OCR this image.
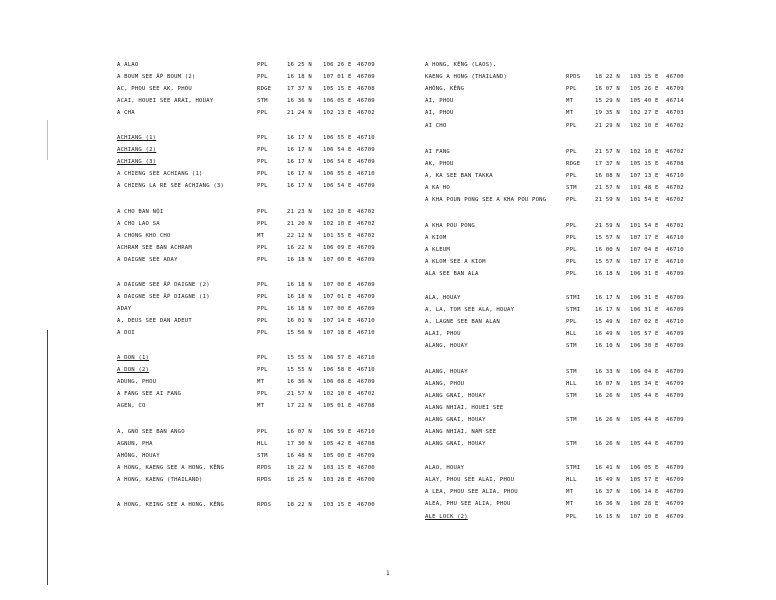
A ALAO	PPL	16 25 N 106 26 E 46709
A BOUM SEE ẤP BOUM (2)	PPL	16 18 N 107 01 E 46709
AC, PHOU SEE AK, PHOU	RDGE	17 37 N 105 15 E 46708
ACAI, HOUEI SEE ARAI, HOUAY	STM	16 36 N 106 05 E 46709
A CHA	PPL	21 24 N 102 13 E 46702
ACHIANG (1)	PPL	16 17 N 106 55 E 46710
ACHIANG (2)	PPL	16 17 N 106 54 E 46709
ACHIANG (3)	PPL	16 17 N 106 54 E 46709
A CHIENG SEE ACHIANG (1)	PPL	16 17 N 106 55 E 46710
A CHIENG LA RE SEE ACHIANG (3)	PPL	16 17 N 106 54 E 46709
A CHO BAN NỘI	PPL	21 23 N 102 10 E 46702
A CHO LAO SA	PPL	21 20 N 102 10 E 46702
A CHONG KHO CHO	MT	22 12 N 101 55 E 46702
ACHRAM SEE BAN ACHRAM	PPL	16 22 N 106 09 E 46709
A DAIGNE SEE ADAY	PPL	16 18 N 107 00 E 46709
A DAIGNE SEE ẤP DAIGNE (2)	PPL	16 18 N 107 00 E 46709
A DAIGNE SEE ẤP DIAGNE (1)	PPL	16 18 N 107 01 E 46709
ADAY	PPL	16 18 N 107 00 E 46709
A, DEUS SEE DAN ADEUT	PPL	16 01 N 107 14 E 46710
A DOI	PPL	15 56 N 107 18 E 46710
A DON (1)	PPL	15 55 N 106 57 E 46710
A DON (2)	PPL	15 55 N 106 58 E 46710
ADUNG, PHOU	MT	16 36 N 106 08 E 46709
A FANG SEE AI FANG	PPL	21 57 N 102 10 E 46702
AGEN, CO	MT	17 22 N 105 01 E 46708
A, GNO SEE BAN ANGO	PPL	16 07 N 106 59 E 46710
AGNUN, PHA	HLL	17 30 N 105 42 E 46708
AHÔNG, HOUAY	STM	16 48 N 105 00 E 46709
A HONG, KAENG SEE A HONG, KỀNG	RPDS	18 22 N 103 15 E 46700
A HONG, KAENG (THAILAND)	RPDS	18 25 N 103 28 E 46700
A HONG, KEING SEE A HONG, KỀNG	RPDS	18 22 N 103 15 E 46700
A HONG, KỀNG (LAOS),
KAENG A HONG (THAILAND)	RPDS	18 22 N 103 15 E 46700
AHÔNG, KỀNG	PPL	16 07 N 105 26 E 46709
AI, PHOU	MT	15 29 N 105 40 E 46714
AI, PHOU	MT	19 35 N 102 27 E 46703
AI CHO	PPL	21 29 N 102 10 E 46702
AI FANG	PPL	21 57 N 102 10 E 46702
AK, PHOU	RDGE	17 37 N 105 15 E 46708
A, KA SEE BAN TAKKA	PPL	16 08 N 107 13 E 46710
A KA HO	STM	21 57 N 101 48 E 46702
A KHA POUN PONG SEE A KHA POU PONG	PPL	21 59 N 101 54 E 46702
A KHA POU PONG	PPL	21 59 N 101 54 E 46702
A KIOM	PPL	15 57 N 107 17 E 46710
A KLEUM	PPL	16 00 N 107 04 E 46710
A KLOM SEE A KIOM	PPL	15 57 N 107 17 E 46710
ALA SEE BAN ALA	PPL	16 18 N 106 31 E 46709
ALA, HOUAY	STMI	16 17 N 106 31 E 46709
A, LA, TOM SEE ALA, HOUAY	STMI	16 17 N 106 31 E 46709
A, LAGNE SEE BAN ALAN	PPL	15 49 N 107 02 E 46710
ALAI, PHOU	HLL	16 49 N 105 57 E 46709
ALANG, HOUAY	STM	16 10 N 106 30 E 46709
ALANG, HOUAY	STM	16 33 N 106 04 E 46709
ALANG, PHOU	HLL	16 07 N 105 34 E 46709
ALANG GNAI, HOUAY	STM	16 26 N 105 44 E 46709
ALANG NHIAI, HOUEI SEE
ALANG GNAI, HOUAY	STM	16 26 N 105 44 E 46709
ALANG NHIAI, NAM SEE
ALANG GNAI, HOUAY	STM	16 26 N 105 44 E 46709
ALAO, HOUAY	STMI	16 41 N 106 05 E 46709
ALAY, PHOU SEE ALAI, PHOU	HLL	16 49 N 105 57 E 46709
A LEA, PHOU SEE ALIA, PHOU	MT	16 37 N 106 14 E 46709
ALEA, PHU SEE ALIA, PHOU	MT	16 36 N 106 28 E 46709
ALE LOCK (2)	PPL	16 15 N 107 10 E 46709
1
